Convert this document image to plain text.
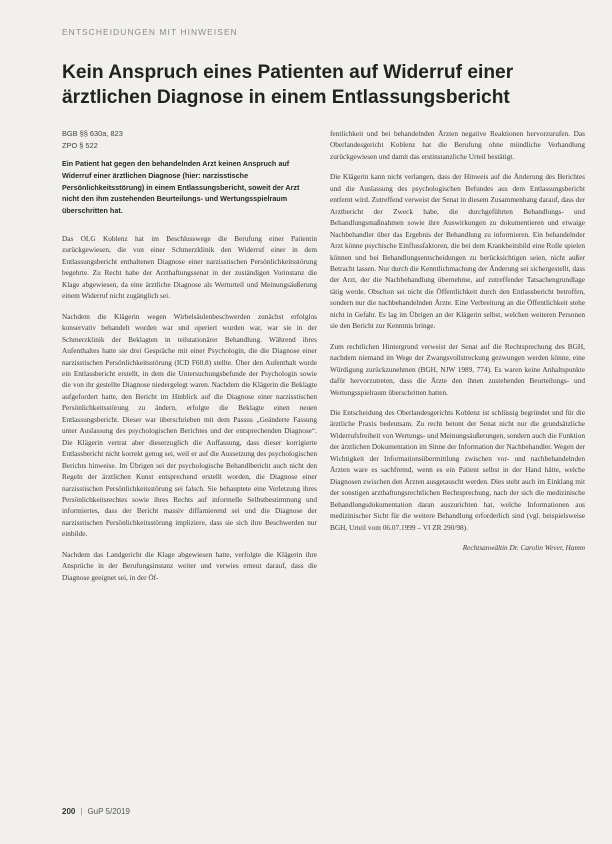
ENTSCHEIDUNGEN MIT HINWEISEN
Kein Anspruch eines Patienten auf Widerruf einer ärztlichen Diagnose in einem Entlassungsbericht
BGB §§ 630a, 823
ZPO § 522

Ein Patient hat gegen den behandelnden Arzt keinen Anspruch auf Widerruf einer ärztlichen Diagnose (hier: narzisstische Persönlichkeitsstörung) in einem Entlassungsbericht, soweit der Arzt nicht den ihm zustehenden Beurteilungs- und Wertungsspielraum überschritten hat.

Das OLG Koblenz hat im Beschlusswege die Berufung einer Patientin zurückgewiesen, die von einer Schmerzklinik den Widerruf einer in dem Entlassungsbericht enthaltenen Diagnose einer narzisstischen Persönlichkeitsstörung begehrte. Zu Recht habe der Arzthaftungssenat in der zuständigen Vorinstanz die Klage abgewiesen, da eine ärztliche Diagnose als Werturteil und Meinungsäußerung einem Widerruf nicht zugänglich sei.

Nachdem die Klägerin wegen Wirbelsäulenbeschwerden zunächst erfolglos konservativ behandelt worden war und operiert wurden war, war sie in der Schmerzklinik der Beklagten in teilstationärer Behandlung. Während ihres Aufenthaltes hatte sie drei Gespräche mit einer Psychologin, die die Diagnose einer narzisstischen Persönlichkeitsstörung (ICD F60.8) stellte. Über den Aufenthalt wurde ein Entlassbericht erstellt, in dem die Untersuchungsbefunde der Psychologin sowie die von ihr gestellte Diagnose niedergelegt waren. Nachdem die Klägerin die Beklagte aufgefordert hatte, den Bericht im Hinblick auf die Diagnose einer narzisstischen Persönlichkeitsstörung zu ändern, erfolgte die Beklagte einen neuen Entlassungsbericht. Dieser war überschrieben mit dem Passus „Geänderte Fassung unter Auslassung des psychologischen Berichtes und der entsprechenden Diagnose“. Die Klägerin vertrat aber dieserzuglich die Auffassung, dass dieser korrigierte Entlassbericht nicht korrekt genug sei, weil er auf die Aussetzung des psychologischen Berichts hinweise. Im Übrigen sei der psychologische Behandlbericht auch nicht den Regeln der ärztlichen Kunst entsprechend erstellt worden, die Diagnose einer narzisstischen Persönlichkeitsstörung sei falsch. Sie behauptete eine Verletzung ihres Persönlichkeitsrechtes sowie ihres Rechts auf informelle Selbstbestimmung und informiertes, dass der Bericht massiv diffamierend sei und die Diagnose der narzisstischen Persönlichkeitsstörung impliziere, dass sie sich ihre Beschwerden nur einbilde.

Nachdem das Landgericht die Klage abgewiesen hatte, verfolgte die Klägerin ihre Ansprüche in der Berufungsinstanz weiter und verwies erneut darauf, dass die Diagnose geeignet sei, in der Öf-

fentlichkeit und bei behandelnden Ärzten negative Reaktionen hervorzurufen. Das Oberlandesgericht Koblenz hat die Berufung ohne mündliche Verhandlung zurückgewiesen und damit das erstinstanzliche Urteil bestätigt.

Die Klägerin kann nicht verlangen, dass der Hinweis auf die Änderung des Berichtes und die Auslassung des psychologischen Befundes aus dem Entlassungsbericht entfernt wird. Zutreffend verweist der Senat in diesem Zusammenhang darauf, dass der Arztbericht der Zweck habe, die durchgeführten Behandlungs- und Behandlungsmaßnahmen sowie ihre Auswirkungen zu dokumentieren und etwaige Nachbehandler über das Ergebnis der Behandlung zu informieren. Ein behandelnder Arzt könne psychische Einflussfaktoren, die bei dem Krankheitsbild eine Rolle spielen können und bei Behandlungsentscheidungen zu berücksichtigen seien, nicht außer Betracht lassen. Nur durch die Kenntlichmachung der Änderung sei sichergestellt, dass der Arzt, der die Nachbehandlung übernehme, auf zutreffender Tatsachengrundlage tätig werde. Obschon sei nicht die Öffentlichkeit durch den Entlassbericht betroffen, sondern nur die nachbehandelnden Ärzte. Eine Verbreitung an die Öffentlichkeit stehe nicht in Gefahr. Es lag im Übrigen an der Klägerin selbst, welchen weiteren Personen sie den Bericht zur Kenntnis bringe.

Zum rechtlichen Hintergrund verweist der Senat auf die Rechtsprechung des BGH, nachdem niemand im Wege der Zwangsvollstreckung gezwungen werden könne, eine Würdigung zurückzunehmen (BGH, NJW 1989, 774). Es waren keine Anhaltspunkte dafür hervorzutreten, dass die Ärzte den ihnen zustehenden Beurteilungs- und Wertungsspielraum überschritten hatten.

Die Entscheidung des Oberlandesgerichts Koblenz ist schlüssig begründet und für die ärztliche Praxis bedeutsam. Zu recht betont der Senat nicht nur die grundsätzliche Widerrufsfreiheit von Wertungs- und Meinungsäußerungen, sondern auch die Funktion der ärztlichen Dokumentation im Sinne der Information der Nachbehandler. Wegen der Wichtigkeit der Informationsübermittlung zwischen vor- und nachbehandelnden Ärzten ware es sachfremd, wenn es ein Patient selbst in der Hand hätte, welche Diagnosen zwischen den Ärzten ausgetauscht werden. Dies steht auch im Einklang mit der sonstigen arzthaftungsrechtlichen Rechtsprechung, nach der sich die medizinische Behandlungsdokumentation daran auszurichten hat, welche Informationen aus medizinischer Sicht für die weitere Behandlung erforderlich sind (vgl. beispielsweise BGH, Urteil vom 06.07.1999 – VI ZR 290/98).

Rechtsanwältin Dr. Carolin Wever, Hamm

200 | GuP 5/2019
